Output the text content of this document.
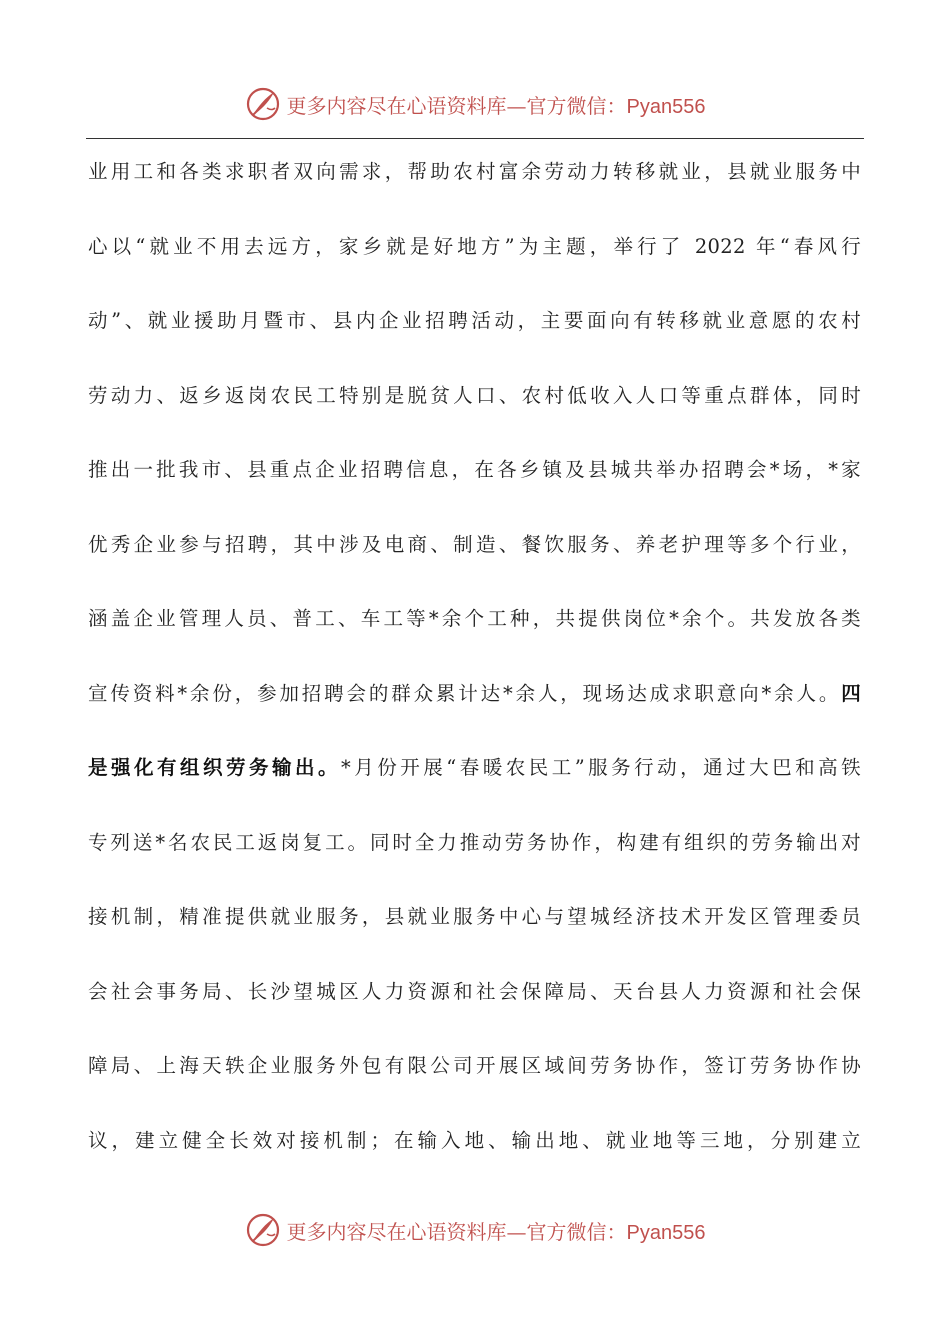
更多内容尽在心语资料库—官方微信：Pyan556
业用工和各类求职者双向需求，帮助农村富余劳动力转移就业，县就业服务中
心以“就业不用去远方，家乡就是好地方”为主题，举行了 2022 年“春风行
动”、就业援助月暨市、县内企业招聘活动，主要面向有转移就业意愿的农村
劳动力、返乡返岗农民工特别是脱贫人口、农村低收入人口等重点群体，同时
推出一批我市、县重点企业招聘信息，在各乡镇及县城共举办招聘会*场，*家
优秀企业参与招聘，其中涉及电商、制造、餐饮服务、养老护理等多个行业，
涵盖企业管理人员、普工、车工等*余个工种，共提供岗位*余个。共发放各类
宣传资料*余份，参加招聘会的群众累计达*余人，现场达成求职意向*余人。四
是强化有组织劳务输出。*月份开展“春暖农民工”服务行动，通过大巴和高铁
专列送*名农民工返岗复工。同时全力推动劳务协作，构建有组织的劳务输出对
接机制，精准提供就业服务，县就业服务中心与望城经济技术开发区管理委员
会社会事务局、长沙望城区人力资源和社会保障局、天台县人力资源和社会保
障局、上海天轶企业服务外包有限公司开展区域间劳务协作，签订劳务协作协
议，建立健全长效对接机制；在输入地、输出地、就业地等三地，分别建立
更多内容尽在心语资料库—官方微信：Pyan556
